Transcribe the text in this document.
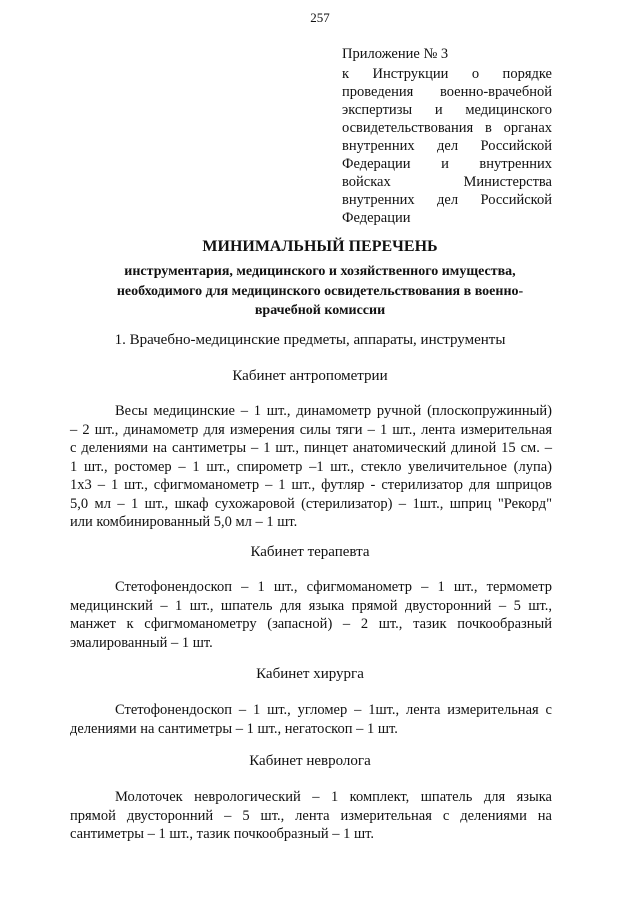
257
Приложение № 3
к Инструкции о порядке
проведения военно-врачебной
экспертизы и медицинского
освидетельствования в органах
внутренних дел Российской
Федерации и внутренних
войсках Министерства
внутренних дел Российской
Федерации
МИНИМАЛЬНЫЙ ПЕРЕЧЕНЬ
инструментария, медицинского и хозяйственного имущества,
необходимого для медицинского освидетельствования в военно-
врачебной комиссии
1. Врачебно-медицинские предметы, аппараты, инструменты
Кабинет антропометрии
Весы медицинские – 1 шт., динамометр ручной (плоскопружинный)
– 2 шт., динамометр для измерения силы тяги – 1 шт., лента измерительная
с делениями на сантиметры – 1 шт., пинцет анатомический длиной 15 см. –
1 шт., ростомер – 1 шт., спирометр –1 шт., стекло увеличительное (лупа)
1х3 – 1 шт., сфигмоманометр – 1 шт., футляр - стерилизатор для шприцов
5,0 мл – 1 шт., шкаф сухожаровой (стерилизатор) – 1шт., шприц "Рекорд"
или комбинированный 5,0 мл – 1 шт.
Кабинет терапевта
Стетофонендоскоп – 1 шт., сфигмоманометр – 1 шт., термометр
медицинский – 1 шт., шпатель для языка прямой двусторонний – 5 шт.,
манжет к сфигмоманометру (запасной) – 2 шт., тазик почкообразный
эмалированный – 1 шт.
Кабинет хирурга
Стетофонендоскоп – 1 шт., угломер – 1шт., лента измерительная с
делениями на сантиметры – 1 шт., негатоскоп – 1 шт.
Кабинет невролога
Молоточек неврологический – 1 комплект, шпатель для языка
прямой двусторонний – 5 шт., лента измерительная с делениями на
сантиметры – 1 шт., тазик почкообразный – 1 шт.
